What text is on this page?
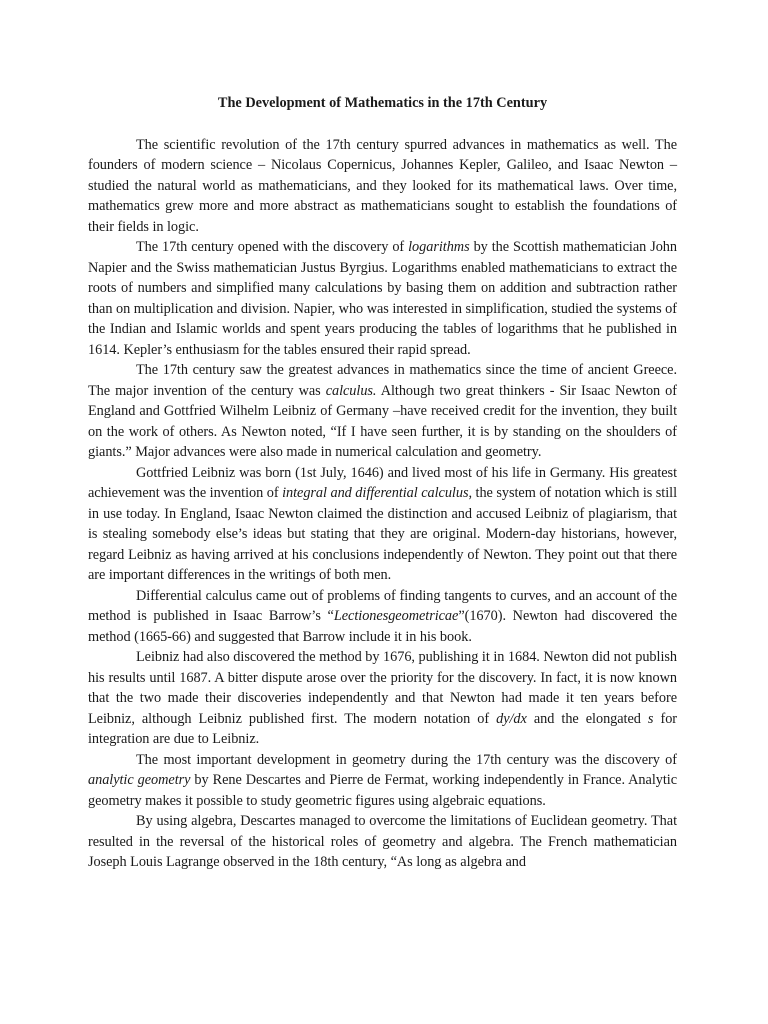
The Development of Mathematics in the 17th Century

The scientific revolution of the 17th century spurred advances in mathematics as well. The founders of modern science – Nicolaus Copernicus, Johannes Kepler, Galileo, and Isaac Newton – studied the natural world as mathematicians, and they looked for its mathematical laws. Over time, mathematics grew more and more abstract as mathematicians sought to establish the foundations of their fields in logic.

The 17th century opened with the discovery of logarithms by the Scottish mathematician John Napier and the Swiss mathematician Justus Byrgius. Logarithms enabled mathematicians to extract the roots of numbers and simplified many calculations by basing them on addition and subtraction rather than on multiplication and division. Napier, who was interested in simplification, studied the systems of the Indian and Islamic worlds and spent years producing the tables of logarithms that he published in 1614. Kepler’s enthusiasm for the tables ensured their rapid spread.

The 17th century saw the greatest advances in mathematics since the time of ancient Greece. The major invention of the century was calculus. Although two great thinkers - Sir Isaac Newton of England and Gottfried Wilhelm Leibniz of Germany –have received credit for the invention, they built on the work of others. As Newton noted, “If I have seen further, it is by standing on the shoulders of giants.” Major advances were also made in numerical calculation and geometry.

Gottfried Leibniz was born (1st July, 1646) and lived most of his life in Germany. His greatest achievement was the invention of integral and differential calculus, the system of notation which is still in use today. In England, Isaac Newton claimed the distinction and accused Leibniz of plagiarism, that is stealing somebody else’s ideas but stating that they are original. Modern-day historians, however, regard Leibniz as having arrived at his conclusions independently of Newton. They point out that there are important differences in the writings of both men.

Differential calculus came out of problems of finding tangents to curves, and an account of the method is published in Isaac Barrow’s “Lectionesgeometricae”(1670). Newton had discovered the method (1665-66) and suggested that Barrow include it in his book.

Leibniz had also discovered the method by 1676, publishing it in 1684. Newton did not publish his results until 1687. A bitter dispute arose over the priority for the discovery. In fact, it is now known that the two made their discoveries independently and that Newton had made it ten years before Leibniz, although Leibniz published first. The modern notation of dy/dx and the elongated s for integration are due to Leibniz.

The most important development in geometry during the 17th century was the discovery of analytic geometry by Rene Descartes and Pierre de Fermat, working independently in France. Analytic geometry makes it possible to study geometric figures using algebraic equations.

By using algebra, Descartes managed to overcome the limitations of Euclidean geometry. That resulted in the reversal of the historical roles of geometry and algebra. The French mathematician Joseph Louis Lagrange observed in the 18th century, “As long as algebra and
